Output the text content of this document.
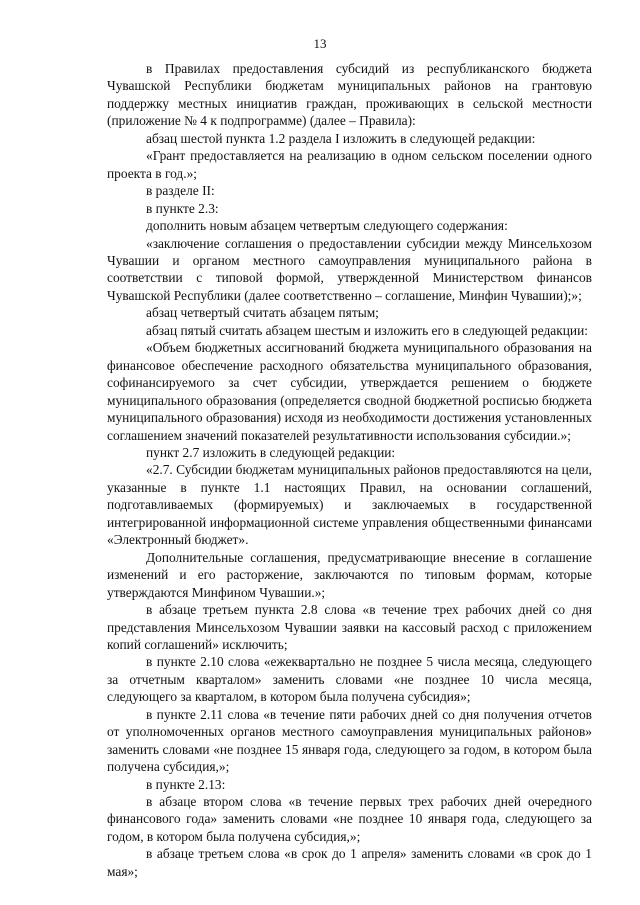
13

в Правилах предоставления субсидий из республиканского бюджета Чувашской Республики бюджетам муниципальных районов на грантовую поддержку местных инициатив граждан, проживающих в сельской местности (приложение № 4 к подпрограмме) (далее – Правила):

абзац шестой пункта 1.2 раздела I изложить в следующей редакции:

«Грант предоставляется на реализацию в одном сельском поселении одного проекта в год.»;

в разделе II:

в пункте 2.3:

дополнить новым абзацем четвертым следующего содержания:

«заключение соглашения о предоставлении субсидии между Минсельхозом Чувашии и органом местного самоуправления муниципального района в соответствии с типовой формой, утвержденной Министерством финансов Чувашской Республики (далее соответственно – соглашение, Минфин Чувашии);»;

абзац четвертый считать абзацем пятым;

абзац пятый считать абзацем шестым и изложить его в следующей редакции:

«Объем бюджетных ассигнований бюджета муниципального образования на финансовое обеспечение расходного обязательства муниципального образования, софинансируемого за счет субсидии, утверждается решением о бюджете муниципального образования (определяется сводной бюджетной росписью бюджета муниципального образования) исходя из необходимости достижения установленных соглашением значений показателей результативности использования субсидии.»;

пункт 2.7 изложить в следующей редакции:

«2.7. Субсидии бюджетам муниципальных районов предоставляются на цели, указанные в пункте 1.1 настоящих Правил, на основании соглашений, подготавливаемых (формируемых) и заключаемых в государственной интегрированной информационной системе управления общественными финансами «Электронный бюджет».

Дополнительные соглашения, предусматривающие внесение в соглашение изменений и его расторжение, заключаются по типовым формам, которые утверждаются Минфином Чувашии.»;

в абзаце третьем пункта 2.8 слова «в течение трех рабочих дней со дня представления Минсельхозом Чувашии заявки на кассовый расход с приложением копий соглашений» исключить;

в пункте 2.10 слова «ежеквартально не позднее 5 числа месяца, следующего за отчетным кварталом» заменить словами «не позднее 10 числа месяца, следующего за кварталом, в котором была получена субсидия»;

в пункте 2.11 слова «в течение пяти рабочих дней со дня получения отчетов от уполномоченных органов местного самоуправления муниципальных районов» заменить словами «не позднее 15 января года, следующего за годом, в котором была получена субсидия,»;

в пункте 2.13:

в абзаце втором слова «в течение первых трех рабочих дней очередного финансового года» заменить словами «не позднее 10 января года, следующего за годом, в котором была получена субсидия,»;

в абзаце третьем слова «в срок до 1 апреля» заменить словами «в срок до 1 мая»;
